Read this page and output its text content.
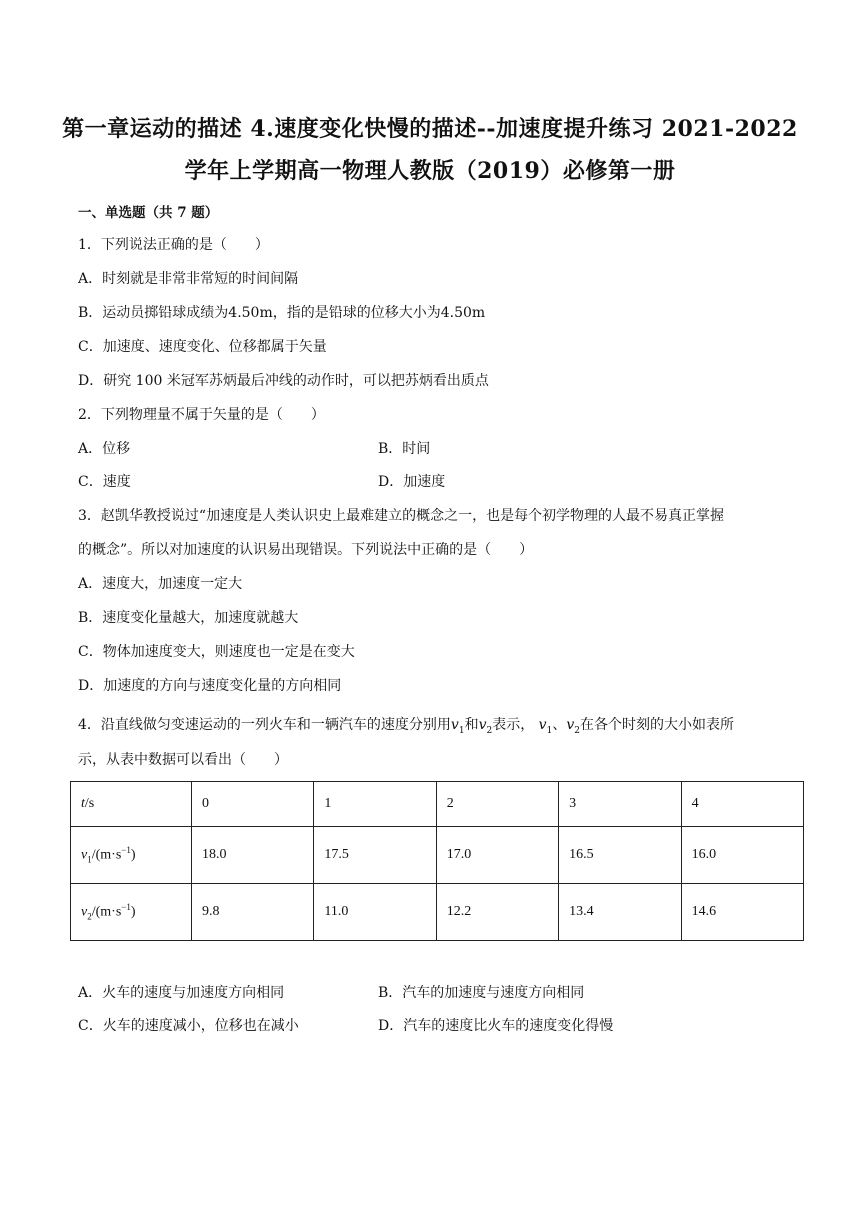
第一章运动的描述 4.速度变化快慢的描述--加速度提升练习 2021-2022
学年上学期高一物理人教版（2019）必修第一册
一、单选题（共 7 题）
1．下列说法正确的是（　　）
A．时刻就是非常非常短的时间间隔
B．运动员掷铅球成绩为4.50m，指的是铅球的位移大小为4.50m
C．加速度、速度变化、位移都属于矢量
D．研究 100 米冠军苏炳最后冲线的动作时，可以把苏炳看出质点
2．下列物理量不属于矢量的是（　　）
A．位移	B．时间
C．速度	D．加速度
3．赵凯华教授说过“加速度是人类认识史上最难建立的概念之一，也是每个初学物理的人最不易真正掌握
的概念”。所以对加速度的认识易出现错误。下列说法中正确的是（　　）
A．速度大，加速度一定大
B．速度变化量越大，加速度就越大
C．物体加速度变大，则速度也一定是在变大
D．加速度的方向与速度变化量的方向相同
4．沿直线做匀变速运动的一列火车和一辆汽车的速度分别用$v_1$和$v_2$表示， $v_1$、$v_2$在各个时刻的大小如表所
示，从表中数据可以看出（　　）
t/s	0	1	2	3	4
$v_1/(m\cdot s^{-1})$	18.0	17.5	17.0	16.5	16.0
$v_2/(m\cdot s^{-1})$	9.8	11.0	12.2	13.4	14.6
A．火车的速度与加速度方向相同	B．汽车的加速度与速度方向相同
C．火车的速度减小，位移也在减小	D．汽车的速度比火车的速度变化得慢
